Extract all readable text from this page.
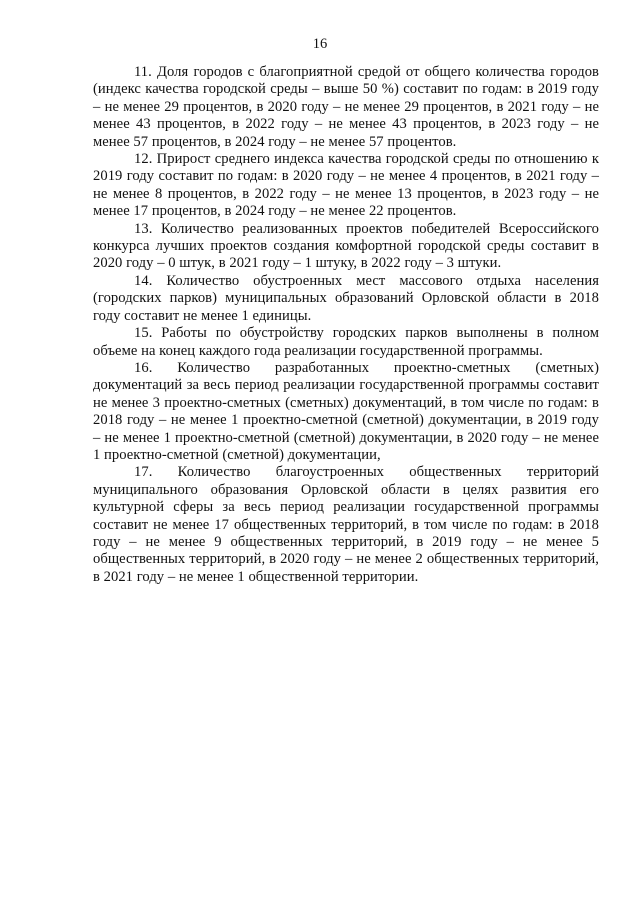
16

11. Доля городов с благоприятной средой от общего количества городов (индекс качества городской среды – выше 50 %) составит по годам: в 2019 году – не менее 29 процентов, в 2020 году – не менее 29 процентов, в 2021 году – не менее 43 процентов, в 2022 году – не менее 43 процентов, в 2023 году – не менее 57 процентов, в 2024 году – не менее 57 процентов.

12. Прирост среднего индекса качества городской среды по отношению к 2019 году составит по годам: в 2020 году – не менее 4 процентов, в 2021 году – не менее 8 процентов, в 2022 году – не менее 13 процентов, в 2023 году – не менее 17 процентов, в 2024 году – не менее 22 процентов.

13. Количество реализованных проектов победителей Всероссийского конкурса лучших проектов создания комфортной городской среды составит в 2020 году – 0 штук, в 2021 году – 1 штуку, в 2022 году – 3 штуки.

14. Количество обустроенных мест массового отдыха населения (городских парков) муниципальных образований Орловской области в 2018 году составит не менее 1 единицы.

15. Работы по обустройству городских парков выполнены в полном объеме на конец каждого года реализации государственной программы.

16. Количество разработанных проектно-сметных (сметных) документаций за весь период реализации государственной программы составит не менее 3 проектно-сметных (сметных) документаций, в том числе по годам: в 2018 году – не менее 1 проектно-сметной (сметной) документации, в 2019 году – не менее 1 проектно-сметной (сметной) документации, в 2020 году – не менее 1 проектно-сметной (сметной) документации,

17. Количество благоустроенных общественных территорий муниципального образования Орловской области в целях развития его культурной сферы за весь период реализации государственной программы составит не менее 17 общественных территорий, в том числе по годам: в 2018 году – не менее 9 общественных территорий, в 2019 году – не менее 5 общественных территорий, в 2020 году – не менее 2 общественных территорий, в 2021 году – не менее 1 общественной территории.
